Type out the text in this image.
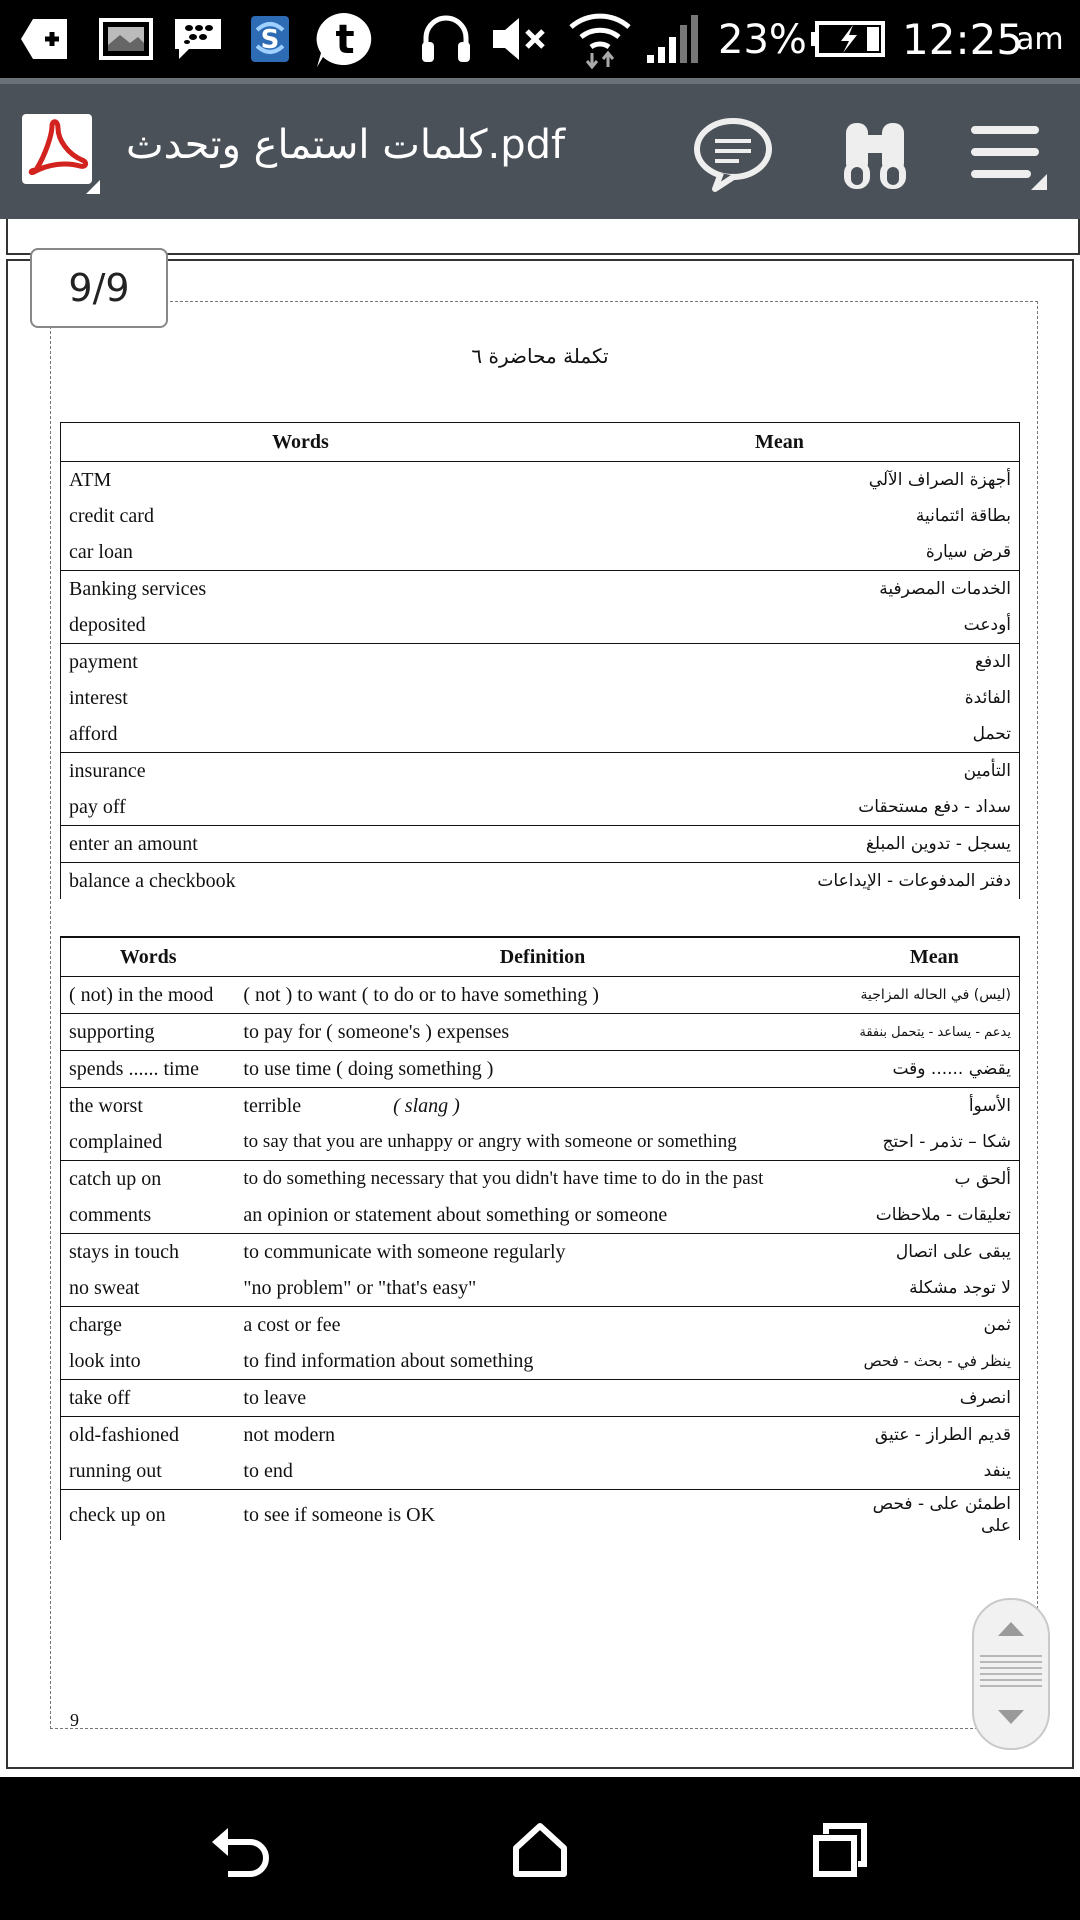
S t	23% 12:25
am
كلمات استماع وتحدث.pdf
9/9
تكملة محاضرة ٦
Words	Mean
ATM	أجهزة الصراف الآلي
credit card	بطاقة ائتمانية
car loan	قرض سيارة
Banking services	الخدمات المصرفية
deposited	أودعت
payment	الدفع
interest	الفائدة
afford	تحمل
insurance	التأمين
pay off	سداد - دفع مستحقات
enter an amount	يسجل - تدوين المبلغ
balance a checkbook	دفتر المدفوعات - الإيداعات
Words	Definition	Mean
( not) in the mood	( not ) to want ( to do or to have something )	(ليس) في الحاله المزاجية
supporting	to pay for ( someone's ) expenses	يدعم - يساعد - يتحمل بنفقة
spends ...... time	to use time ( doing something )	يقضي ...... وقت
the worst	terrible ( slang )	الأسوأ
complained	to say that you are unhappy or angry with someone or something	شكا – تذمر - احتج
catch up on	to do something necessary that you didn't have time to do in the past	ألحق ب
comments	an opinion or statement about something or someone	تعليقات - ملاحظات
stays in touch	to communicate with someone regularly	يبقى على اتصال
no sweat	"no problem" or "that's easy"	لا توجد مشكلة
charge	a cost or fee	ثمن
look into	to find information about something	ينظر في - بحث - فحص
take off	to leave	انصرف
old-fashioned	not modern	قديم الطراز - عتيق
running out	to end	ينفد
check up on	to see if someone is OK	اطمئن على - فحص على
9
